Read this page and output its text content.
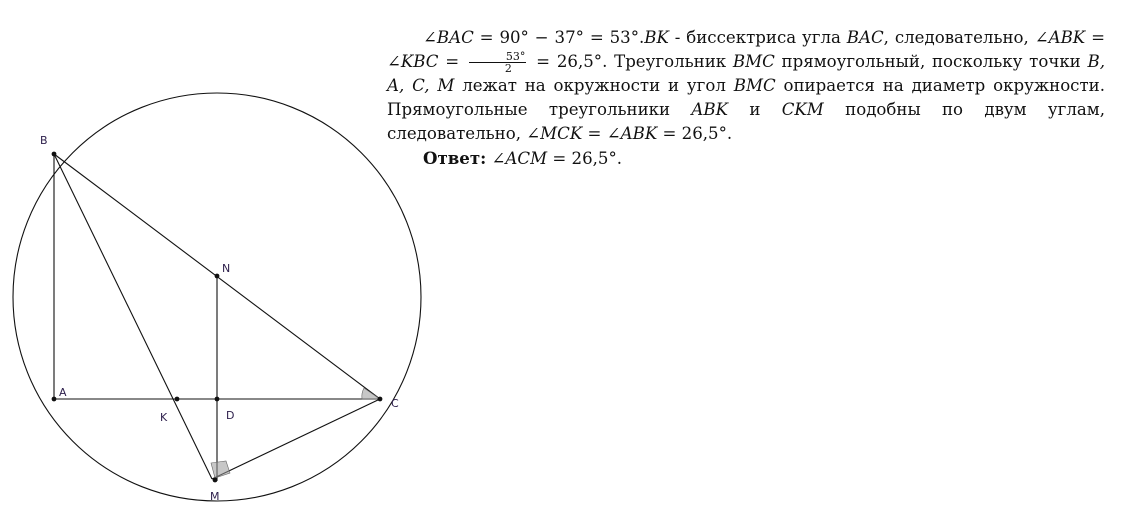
B
A
N
K	D
C
M

∠BAC = 90° − 37° = 53°.BK - биссектриса угла BAC, следовательно, ∠ABK = ∠KBC = $\frac{53^\circ}{2} = 26,5^\circ$. Треугольник BMC прямоугольный, поскольку точки B, A, C, M лежат на окружности и угол BMC опирается на диаметр окружности. Прямоугольные треугольники ABK и CKM подобны по двум углам, следовательно, ∠MCK = ∠ABK = 26,5°.

Ответ: ∠ACM = 26,5°.
